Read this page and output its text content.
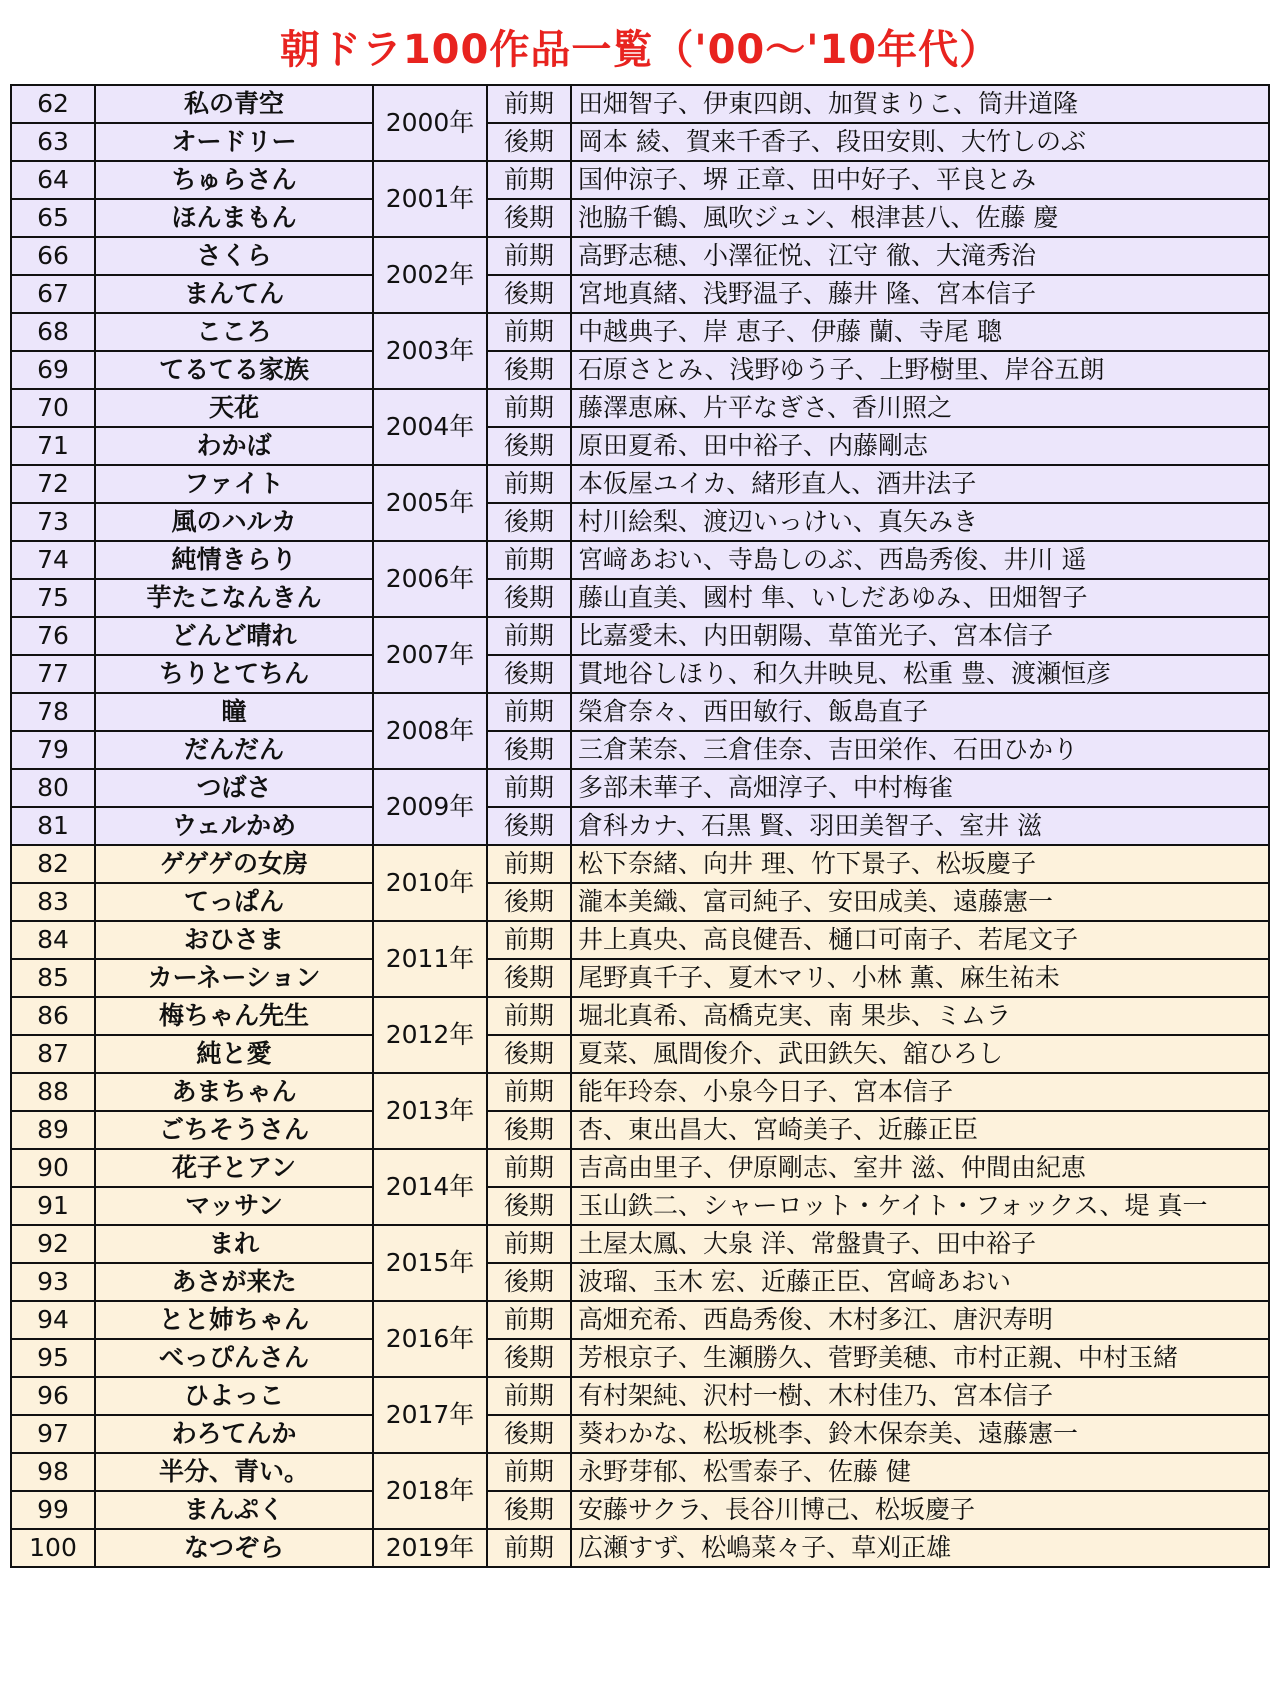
朝ドラ100作品一覧（'00〜'10年代）
62	私の青空	2000年	前期	田畑智子、伊東四朗、加賀まりこ、筒井道隆
63	オードリー		後期	岡本 綾、賀来千香子、段田安則、大竹しのぶ
64	ちゅらさん	2001年	前期	国仲涼子、堺 正章、田中好子、平良とみ
65	ほんまもん		後期	池脇千鶴、風吹ジュン、根津甚八、佐藤 慶
66	さくら	2002年	前期	高野志穂、小澤征悦、江守 徹、大滝秀治
67	まんてん		後期	宮地真緒、浅野温子、藤井 隆、宮本信子
68	こころ	2003年	前期	中越典子、岸 恵子、伊藤 蘭、寺尾 聰
69	てるてる家族		後期	石原さとみ、浅野ゆう子、上野樹里、岸谷五朗
70	天花	2004年	前期	藤澤恵麻、片平なぎさ、香川照之
71	わかば		後期	原田夏希、田中裕子、内藤剛志
72	ファイト	2005年	前期	本仮屋ユイカ、緒形直人、酒井法子
73	風のハルカ		後期	村川絵梨、渡辺いっけい、真矢みき
74	純情きらり	2006年	前期	宮﨑あおい、寺島しのぶ、西島秀俊、井川 遥
75	芋たこなんきん		後期	藤山直美、國村 隼、いしだあゆみ、田畑智子
76	どんど晴れ	2007年	前期	比嘉愛未、内田朝陽、草笛光子、宮本信子
77	ちりとてちん		後期	貫地谷しほり、和久井映見、松重 豊、渡瀬恒彦
78	瞳	2008年	前期	榮倉奈々、西田敏行、飯島直子
79	だんだん		後期	三倉茉奈、三倉佳奈、吉田栄作、石田ひかり
80	つばさ	2009年	前期	多部未華子、高畑淳子、中村梅雀
81	ウェルかめ		後期	倉科カナ、石黒 賢、羽田美智子、室井 滋
82	ゲゲゲの女房	2010年	前期	松下奈緒、向井 理、竹下景子、松坂慶子
83	てっぱん		後期	瀧本美織、富司純子、安田成美、遠藤憲一
84	おひさま	2011年	前期	井上真央、高良健吾、樋口可南子、若尾文子
85	カーネーション		後期	尾野真千子、夏木マリ、小林 薫、麻生祐未
86	梅ちゃん先生	2012年	前期	堀北真希、高橋克実、南 果歩、ミムラ
87	純と愛		後期	夏菜、風間俊介、武田鉄矢、舘ひろし
88	あまちゃん	2013年	前期	能年玲奈、小泉今日子、宮本信子
89	ごちそうさん		後期	杏、東出昌大、宮崎美子、近藤正臣
90	花子とアン	2014年	前期	吉高由里子、伊原剛志、室井 滋、仲間由紀恵
91	マッサン		後期	玉山鉄二、シャーロット・ケイト・フォックス、堤 真一
92	まれ	2015年	前期	土屋太鳳、大泉 洋、常盤貴子、田中裕子
93	あさが来た		後期	波瑠、玉木 宏、近藤正臣、宮﨑あおい
94	とと姉ちゃん	2016年	前期	高畑充希、西島秀俊、木村多江、唐沢寿明
95	べっぴんさん		後期	芳根京子、生瀬勝久、菅野美穂、市村正親、中村玉緒
96	ひよっこ	2017年	前期	有村架純、沢村一樹、木村佳乃、宮本信子
97	わろてんか		後期	葵わかな、松坂桃李、鈴木保奈美、遠藤憲一
98	半分、青い。	2018年	前期	永野芽郁、松雪泰子、佐藤 健
99	まんぷく		後期	安藤サクラ、長谷川博己、松坂慶子
100	なつぞら	2019年	前期	広瀬すず、松嶋菜々子、草刈正雄
